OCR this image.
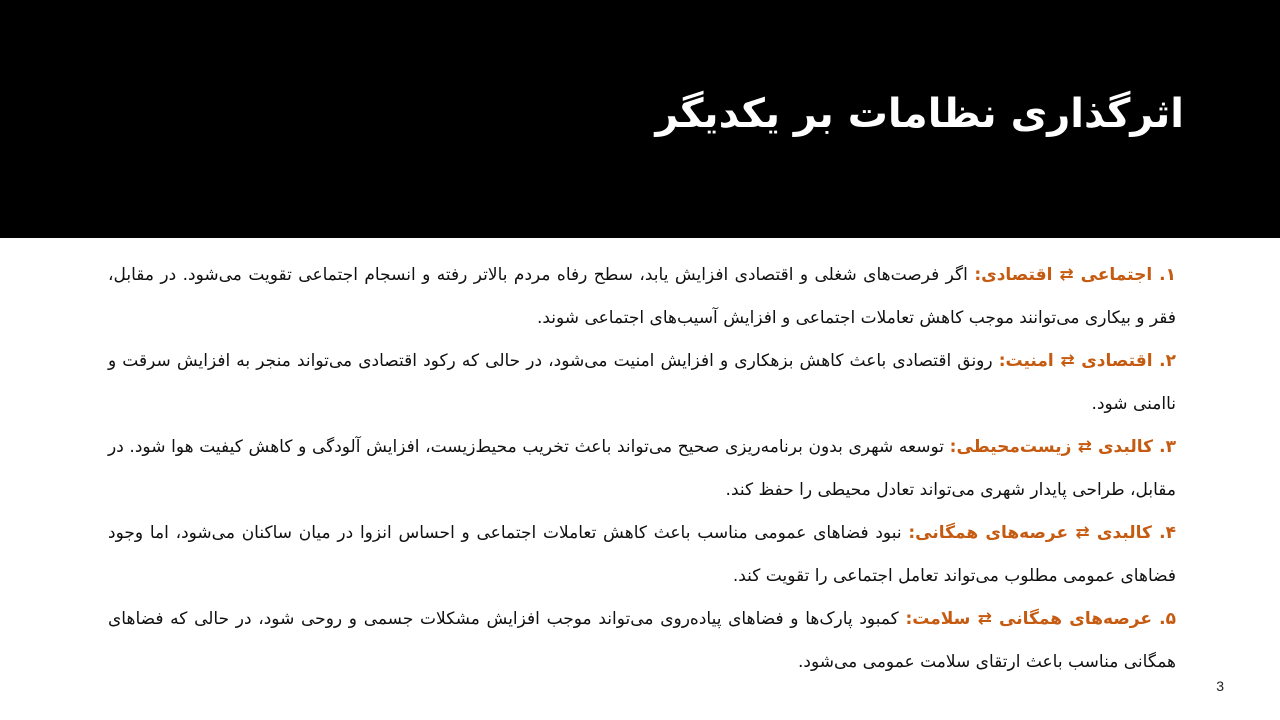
اثرگذاری نظامات بر یکدیگر

۱. اجتماعی ⇄ اقتصادی: اگر فرصت‌های شغلی و اقتصادی افزایش یابد، سطح رفاه مردم بالاتر رفته و انسجام اجتماعی تقویت می‌شود. در مقابل، فقر و بیکاری می‌توانند موجب کاهش تعاملات اجتماعی و افزایش آسیب‌های اجتماعی شوند.

۲. اقتصادی ⇄ امنیت: رونق اقتصادی باعث کاهش بزهکاری و افزایش امنیت می‌شود، در حالی که رکود اقتصادی می‌تواند منجر به افزایش سرقت و ناامنی شود.

۳. کالبدی ⇄ زیست‌محیطی: توسعه شهری بدون برنامه‌ریزی صحیح می‌تواند باعث تخریب محیط‌زیست، افزایش آلودگی و کاهش کیفیت هوا شود. در مقابل، طراحی پایدار شهری می‌تواند تعادل محیطی را حفظ کند.

۴. کالبدی ⇄ عرصه‌های همگانی: نبود فضاهای عمومی مناسب باعث کاهش تعاملات اجتماعی و احساس انزوا در میان ساکنان می‌شود، اما وجود فضاهای عمومی مطلوب می‌تواند تعامل اجتماعی را تقویت کند.

۵. عرصه‌های همگانی ⇄ سلامت: کمبود پارک‌ها و فضاهای پیاده‌روی می‌تواند موجب افزایش مشکلات جسمی و روحی شود، در حالی که فضاهای همگانی مناسب باعث ارتقای سلامت عمومی می‌شود.

3
